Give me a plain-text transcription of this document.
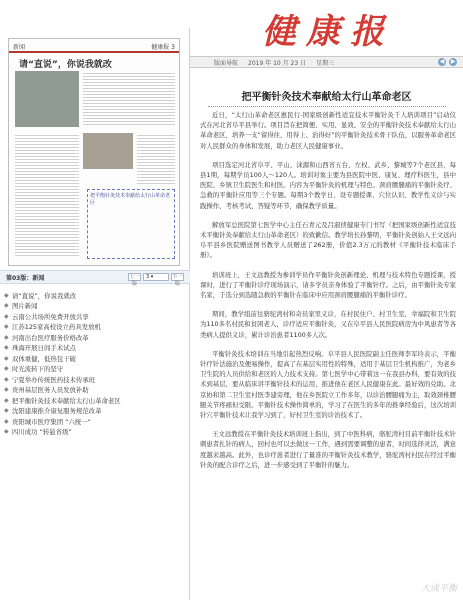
健康报
新闻	健康报 3
请“直说”，你说我就改
把平衡针灸技术奉献给太行山革命老区
第03版：新闻	上一版
3 ▾	下一版
◆ 请“直说”，你说我就改
◆ 图片新闻
◆ 云南公共场所免费开放共享
◆ 江苏125家高校设立药具发放机
◆ 河南出台医疗服务价格改革
◆ 珠海开展日间手术试点
◆ 双体重健，低热包干破
◆ 时光流转下的坚守
◆ 宁夏举办传统医药技术传承班
◆ 贵州基层医务人员发放补助
◆ 把平衡针灸技术奉献给太行山革命老区
◆ 沈阳建康推介康复服务规范改革
◆ 贵阳城市医疗集团 “六统一”
◆ 四川成功 “转悬省级”
版面导航 2019 年 10 月 23 日 星期三	◀ ▶
把平衡针灸技术奉献给太行山革命老区

近日，“太行山革命老区惠民行-国家级创新性适宜技术平衡针灸千人培训项目”启动仪式在河北省阜平县举行。项目旨在把简便、实用、显效、安全的平衡针灸技术奉献给太行山革命老区，培养一支“留得住、用得上、治得好”的平衡针灸技术骨干队伍，以服务革命老区对人民群众的身体和发展，助力老区人民健康事业。

项目选定河北省阜平、平山、涞源和山西省五台、左权、武乡、黎城等7个老区县，每县1期，每期学员100人～120人。培训对象主要为县医院中医、康复、理疗科医生，县中医院、乡镇卫生院医生和村医。内容为平衡针灸的机理与特色、颈肩腰腿痛的平衡针灸疗、急救的平衡针应用等三个专题。每期3个教学日，设专题授课、穴位认识、教学性义诊与实践操作、考核考试、答疑等环节，确保教学质量。

解放军总医院第七医学中心主任石青元及吕淑侦健康专门书写（把国家级创新性适宜技术平衡针灸奉献给太行山革命老区）的致歉信。教学培长孙黎明，平衡针灸创始人王文远向阜平县乡医院赠送图书教学人员赠送了262册，价值2.3万元的教材《平衡针技术临床手册》。

培训班上，王文远教授为参训学员作平衡针灸创新理论、机理与技术特色专题授课，授课时，进行了平衡针诊疗现场演示，请多学员亲身体验了平衡针疗。之后，由平衡针灸专家名家，于选分到选随急救的平衡针在临床中应用颈肩腰腿痛的平衡针诊疗。

期间，教学组前往骆驼湾村和奇员家里义诊，在村民住户、村卫生室，幸福院和卫生院为110多名村民和贫困老人，诊疗适应平衡针灸，又在阜平县人民医院病房为中风患者等各类病人提供义诊，累计诊治患者1100多人次。

平衡针灸技术培训在当地引起热烈反响。阜平县人民医院副主任医师李军玲表示，平衡针疗针法施治及便易操作，提高了在基层实用性的特殊，适用于基层卫生机构推广，为老乡卫生院的人员供给和老区的人力技术支持。第七医学中心带着这一在我县办科，要有效的技术到基层，要从临床讲平衡针技术的运用，推进他在老区人民健康在此。最好效的兑助。北京协和第二卫生室村医李建旁理，他在乡医院立工作多年，以诊治腰腿痛为主，取效颈椎腰腿关节疼痛但受限。平衡针技术操作简单的，学习了在医生的多年的推拿经验后，这次培训针穴平衡针技术让我学习到了，好村卫生室的诊治技术了。

王文远教授在平衡针灸技术培训班上指出，到了中医科病，骆驼湾村目前平衡针技术针刺患者扎针的病人，回村也可以去做这一工作，遇到需要调整的患者，时间选择灵活，满意度越来越高。此外，也诊疗患者进行了量准的平衡针灸技术教学，骆驼湾村村民在经过平衡针灸的配合诊疗之后，进一步感受到了平衡针的魅力。

大成平衡
